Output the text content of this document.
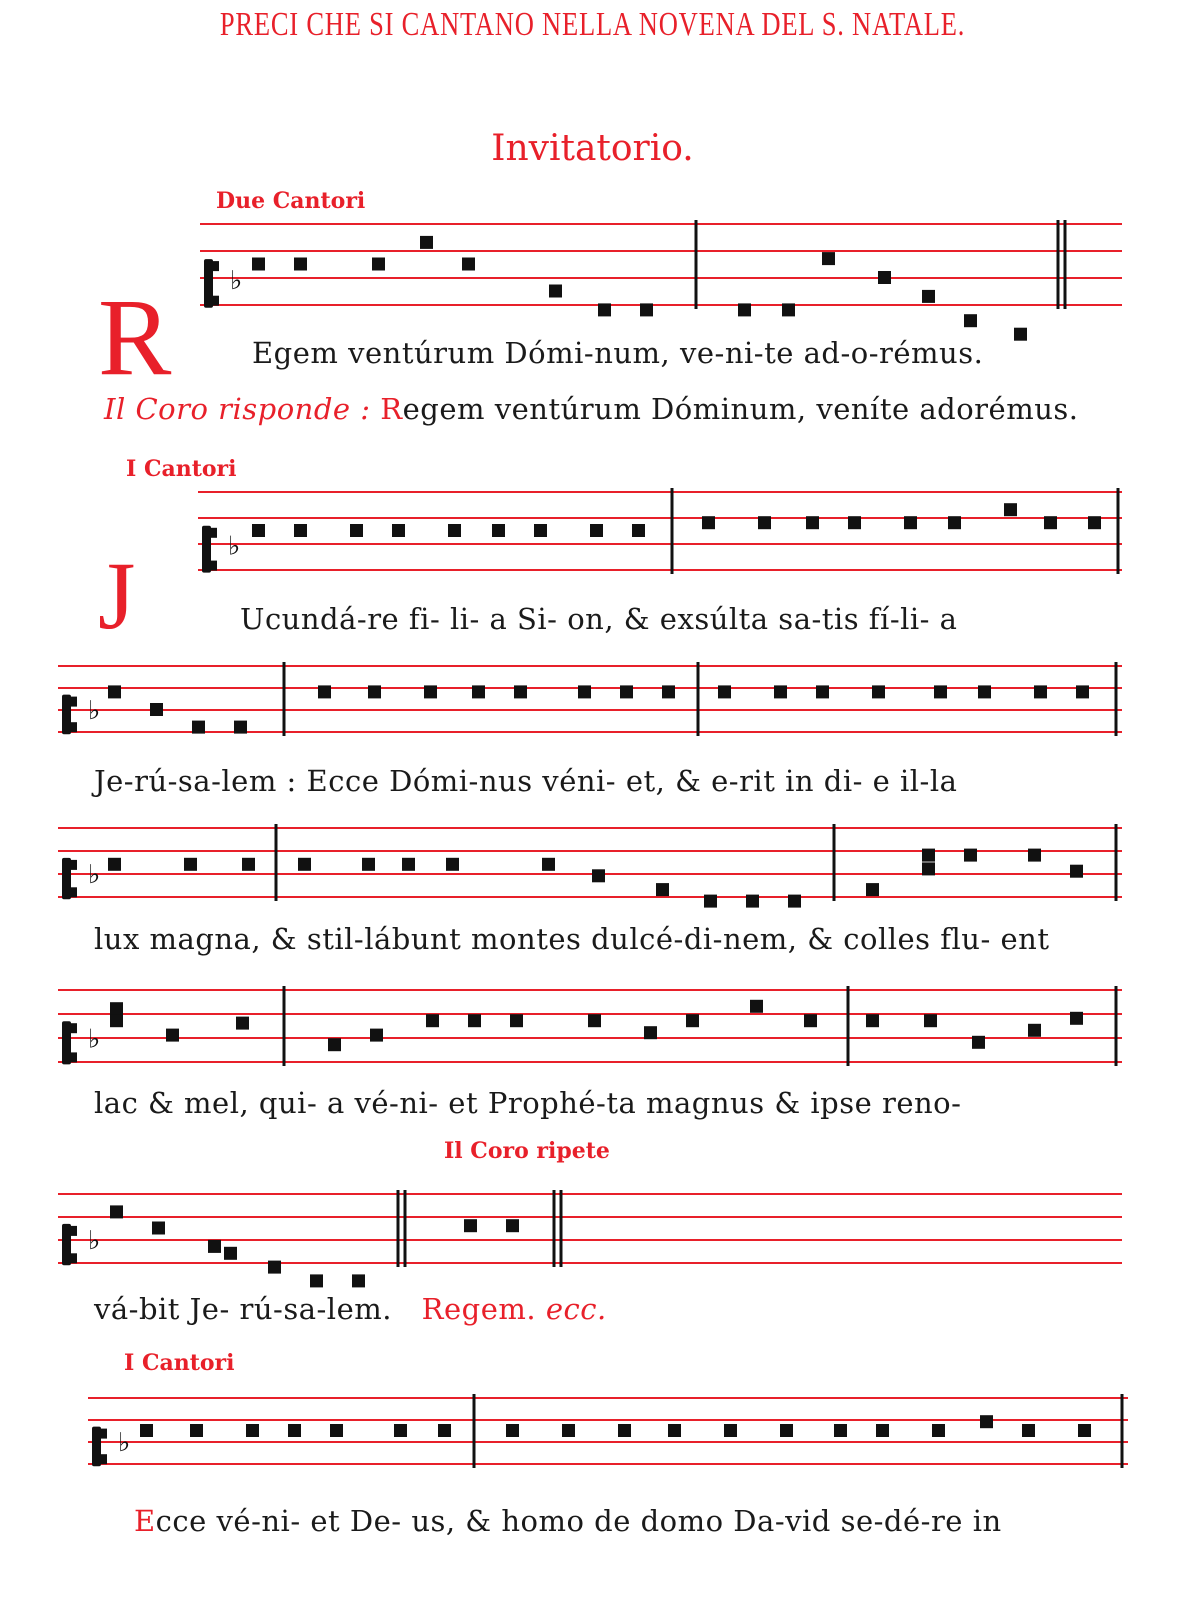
PRECI CHE SI CANTANO NELLA NOVENA DEL S. NATALE.
Invitatorio.
Due Cantori
♭
R	Egem ventúrum Dómi-num, ve-ni-te ad-o-rémus.
Il Coro risponde : Regem ventúrum Dóminum, veníte adorémus.
I Cantori
♭
J	Ucundá-re fi- li- a Si- on, & exsúlta sa-tis fí-li- a
♭
Je-rú-sa-lem : Ecce Dómi-nus véni- et, & e-rit in di- e il-la
♭
lux magna, & stil-lábunt montes dulcé-di-nem, & colles flu- ent
♭
lac & mel, qui- a vé-ni- et Prophé-ta magnus & ipse reno-
Il Coro ripete
♭
vá-bit Je- rú-sa-lem. Regem. ecc.
I Cantori
♭
Ecce vé-ni- et De- us, & homo de domo Da-vid se-dé-re in
